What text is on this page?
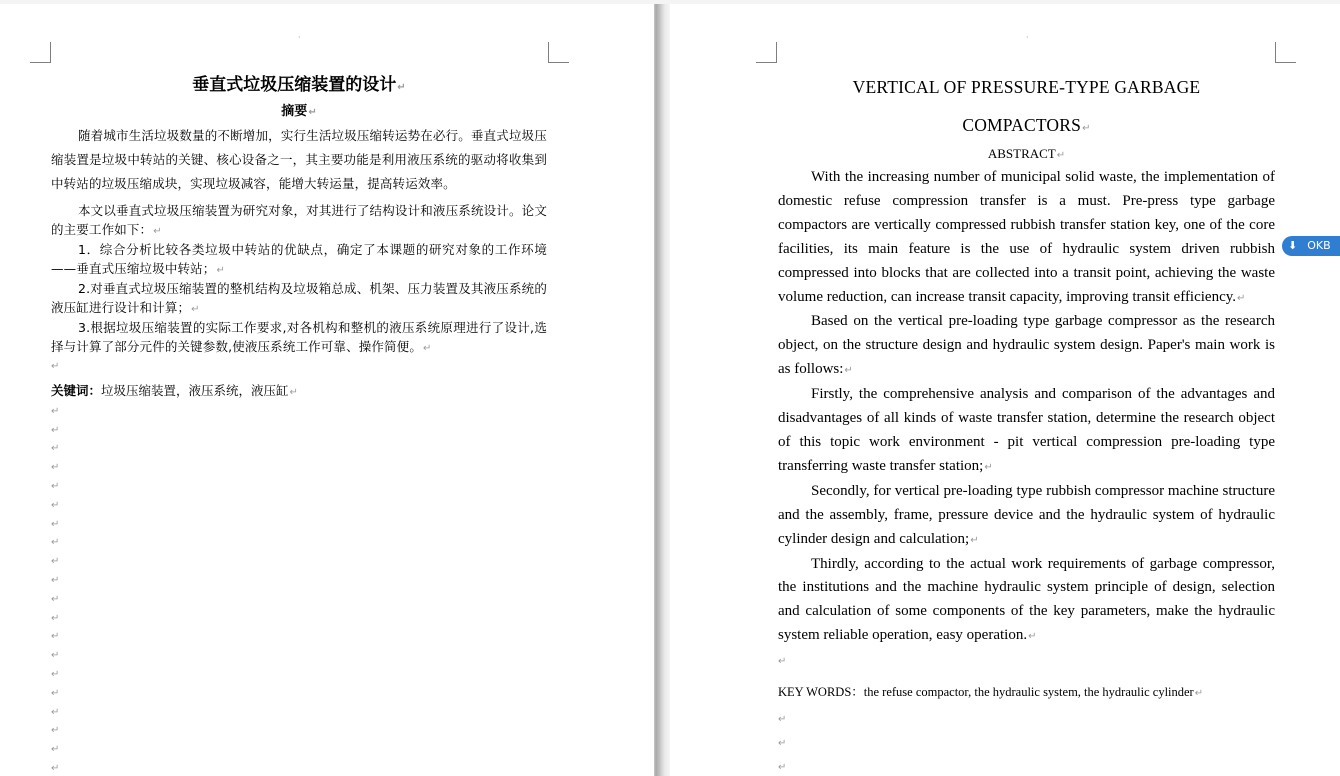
·
垂直式垃圾压缩装置的设计↵
摘要↵

随着城市生活垃圾数量的不断增加，实行生活垃圾压缩转运势在必行。垂直式垃圾压缩装置是垃圾中转站的关键、核心设备之一，其主要功能是利用液压系统的驱动将收集到中转站的垃圾压缩成块，实现垃圾减容，能增大转运量，提高转运效率。

本文以垂直式垃圾压缩装置为研究对象，对其进行了结构设计和液压系统设计。论文的主要工作如下：↵

1．综合分析比较各类垃圾中转站的优缺点，确定了本课题的研究对象的工作环境——垂直式压缩垃圾中转站；↵

2.对垂直式垃圾压缩装置的整机结构及垃圾箱总成、机架、压力装置及其液压系统的液压缸进行设计和计算；↵

3.根据垃圾压缩装置的实际工作要求,对各机构和整机的液压系统原理进行了设计,选择与计算了部分元件的关键参数,使液压系统工作可靠、操作简便。↵

↵
关键词：垃圾压缩装置，液压系统，液压缸↵
↵
↵
↵
↵
↵
↵
↵
↵
↵
↵
↵
↵
↵
↵
↵
↵
↵
↵
↵
↵
·
VERTICAL OF PRESSURE-TYPE GARBAGE
COMPACTORS↵
ABSTRACT↵

With the increasing number of municipal solid waste, the implementation of domestic refuse compression transfer is a must. Pre-press type garbage compactors are vertically compressed rubbish transfer station key, one of the core facilities, its main feature is the use of hydraulic system driven rubbish compressed into blocks that are collected into a transit point, achieving the waste volume reduction, can increase transit capacity, improving transit efficiency.↵

Based on the vertical pre-loading type garbage compressor as the research object, on the structure design and hydraulic system design. Paper's main work is as follows:↵

Firstly, the comprehensive analysis and comparison of the advantages and disadvantages of all kinds of waste transfer station, determine the research object of this topic work environment - pit vertical compression pre-loading type transferring waste transfer station;↵

Secondly, for vertical pre-loading type rubbish compressor machine structure and the assembly, frame, pressure device and the hydraulic system of hydraulic cylinder design and calculation;↵

Thirdly, according to the actual work requirements of garbage compressor, the institutions and the machine hydraulic system principle of design, selection and calculation of some components of the key parameters, make the hydraulic system reliable operation, easy operation.↵

↵
KEY WORDS：the refuse compactor, the hydraulic system, the hydraulic cylinder↵
↵
↵
↵
⬇ OKB
